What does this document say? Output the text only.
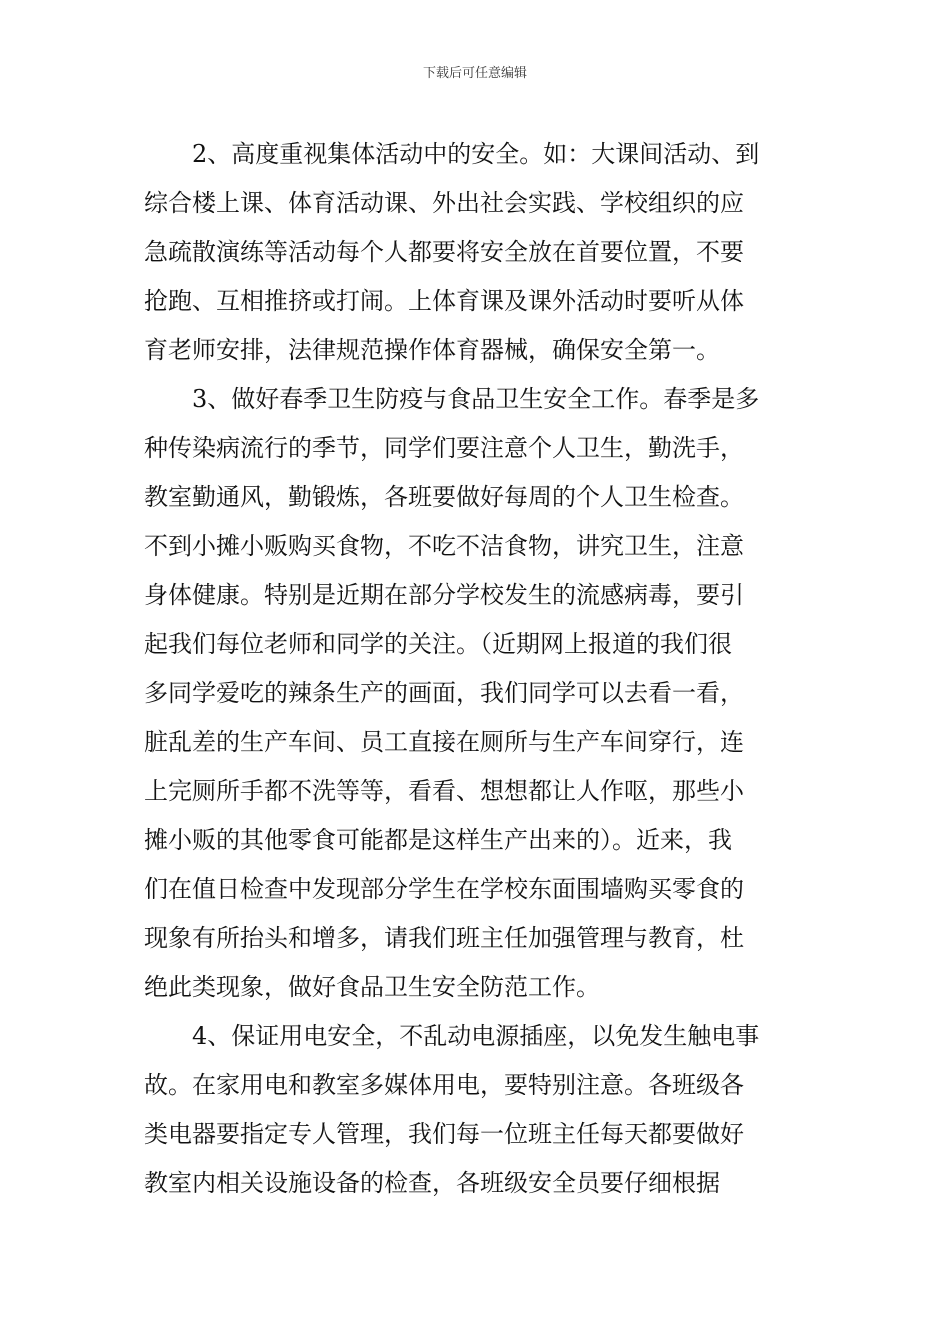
下载后可任意编辑
2、高度重视集体活动中的安全。如：大课间活动、到
综合楼上课、体育活动课、外出社会实践、学校组织的应
急疏散演练等活动每个人都要将安全放在首要位置，不要
抢跑、互相推挤或打闹。上体育课及课外活动时要听从体
育老师安排，法律规范操作体育器械，确保安全第一。
3、做好春季卫生防疫与食品卫生安全工作。春季是多
种传染病流行的季节，同学们要注意个人卫生，勤洗手，
教室勤通风，勤锻炼，各班要做好每周的个人卫生检查。
不到小摊小贩购买食物，不吃不洁食物，讲究卫生，注意
身体健康。特别是近期在部分学校发生的流感病毒，要引
起我们每位老师和同学的关注。（近期网上报道的我们很
多同学爱吃的辣条生产的画面，我们同学可以去看一看，
脏乱差的生产车间、员工直接在厕所与生产车间穿行，连
上完厕所手都不洗等等，看看、想想都让人作呕，那些小
摊小贩的其他零食可能都是这样生产出来的）。近来，我
们在值日检查中发现部分学生在学校东面围墙购买零食的
现象有所抬头和增多，请我们班主任加强管理与教育，杜
绝此类现象，做好食品卫生安全防范工作。
4、保证用电安全，不乱动电源插座，以免发生触电事
故。在家用电和教室多媒体用电，要特别注意。各班级各
类电器要指定专人管理，我们每一位班主任每天都要做好
教室内相关设施设备的检查，各班级安全员要仔细根据
